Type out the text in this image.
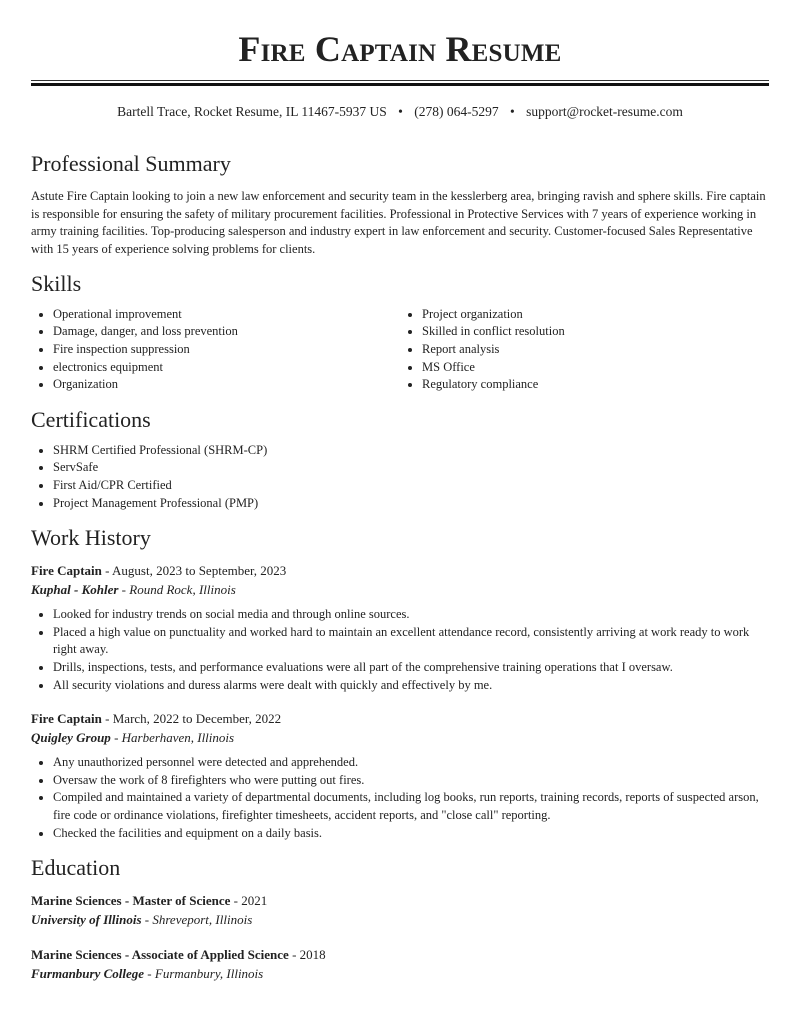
Fire Captain Resume
Bartell Trace, Rocket Resume, IL 11467-5937 US • (278) 064-5297 • support@rocket-resume.com
Professional Summary

Astute Fire Captain looking to join a new law enforcement and security team in the kesslerberg area, bringing ravish and sphere skills. Fire captain is responsible for ensuring the safety of military procurement facilities. Professional in Protective Services with 7 years of experience working in army training facilities. Top-producing salesperson and industry expert in law enforcement and security. Customer-focused Sales Representative with 15 years of experience solving problems for clients.

Skills
• Operational improvement
• Damage, danger, and loss prevention
• Fire inspection suppression
• electronics equipment
• Organization
• Project organization
• Skilled in conflict resolution
• Report analysis
• MS Office
• Regulatory compliance
Certifications
• SHRM Certified Professional (SHRM-CP)
• ServSafe
• First Aid/CPR Certified
• Project Management Professional (PMP)
Work History
Fire Captain - August, 2023 to September, 2023
Kuphal - Kohler - Round Rock, Illinois
• Looked for industry trends on social media and through online sources.
• Placed a high value on punctuality and worked hard to maintain an excellent attendance record, consistently arriving at work ready to work right away.
• Drills, inspections, tests, and performance evaluations were all part of the comprehensive training operations that I oversaw.
• All security violations and duress alarms were dealt with quickly and effectively by me.
Fire Captain - March, 2022 to December, 2022
Quigley Group - Harberhaven, Illinois
• Any unauthorized personnel were detected and apprehended.
• Oversaw the work of 8 firefighters who were putting out fires.
• Compiled and maintained a variety of departmental documents, including log books, run reports, training records, reports of suspected arson, fire code or ordinance violations, firefighter timesheets, accident reports, and "close call" reporting.
• Checked the facilities and equipment on a daily basis.
Education
Marine Sciences - Master of Science - 2021
University of Illinois - Shreveport, Illinois
Marine Sciences - Associate of Applied Science - 2018
Furmanbury College - Furmanbury, Illinois
